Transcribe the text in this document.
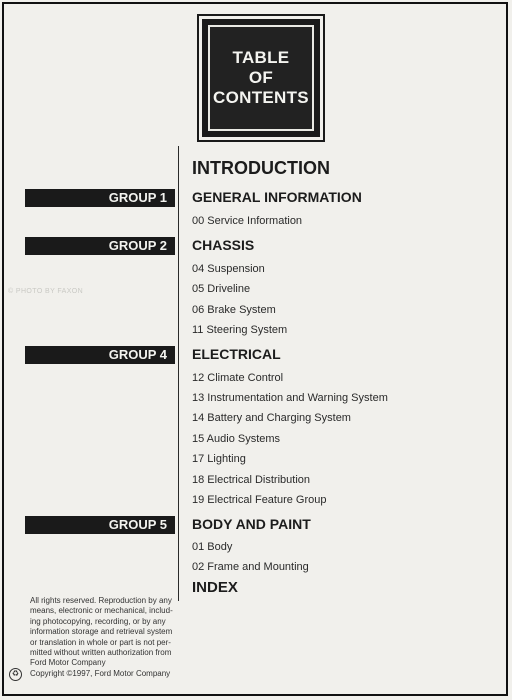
TABLE
OF
CONTENTS
© PHOTO BY FAXON
INTRODUCTION
GROUP 1	GENERAL INFORMATION
00 Service Information
GROUP 2	CHASSIS
04 Suspension
05 Driveline
06 Brake System
11 Steering System
GROUP 4	ELECTRICAL
12 Climate Control
13 Instrumentation and Warning System
14 Battery and Charging System
15 Audio Systems
17 Lighting
18 Electrical Distribution
19 Electrical Feature Group
GROUP 5	BODY AND PAINT
01 Body
02 Frame and Mounting
INDEX
All rights reserved. Reproduction by any
means, electronic or mechanical, includ-
ing photocopying, recording, or by any
information storage and retrieval system
or translation in whole or part is not per-
mitted without written authorization from
Ford Motor Company
Copyright ©1997, Ford Motor Company
♻
